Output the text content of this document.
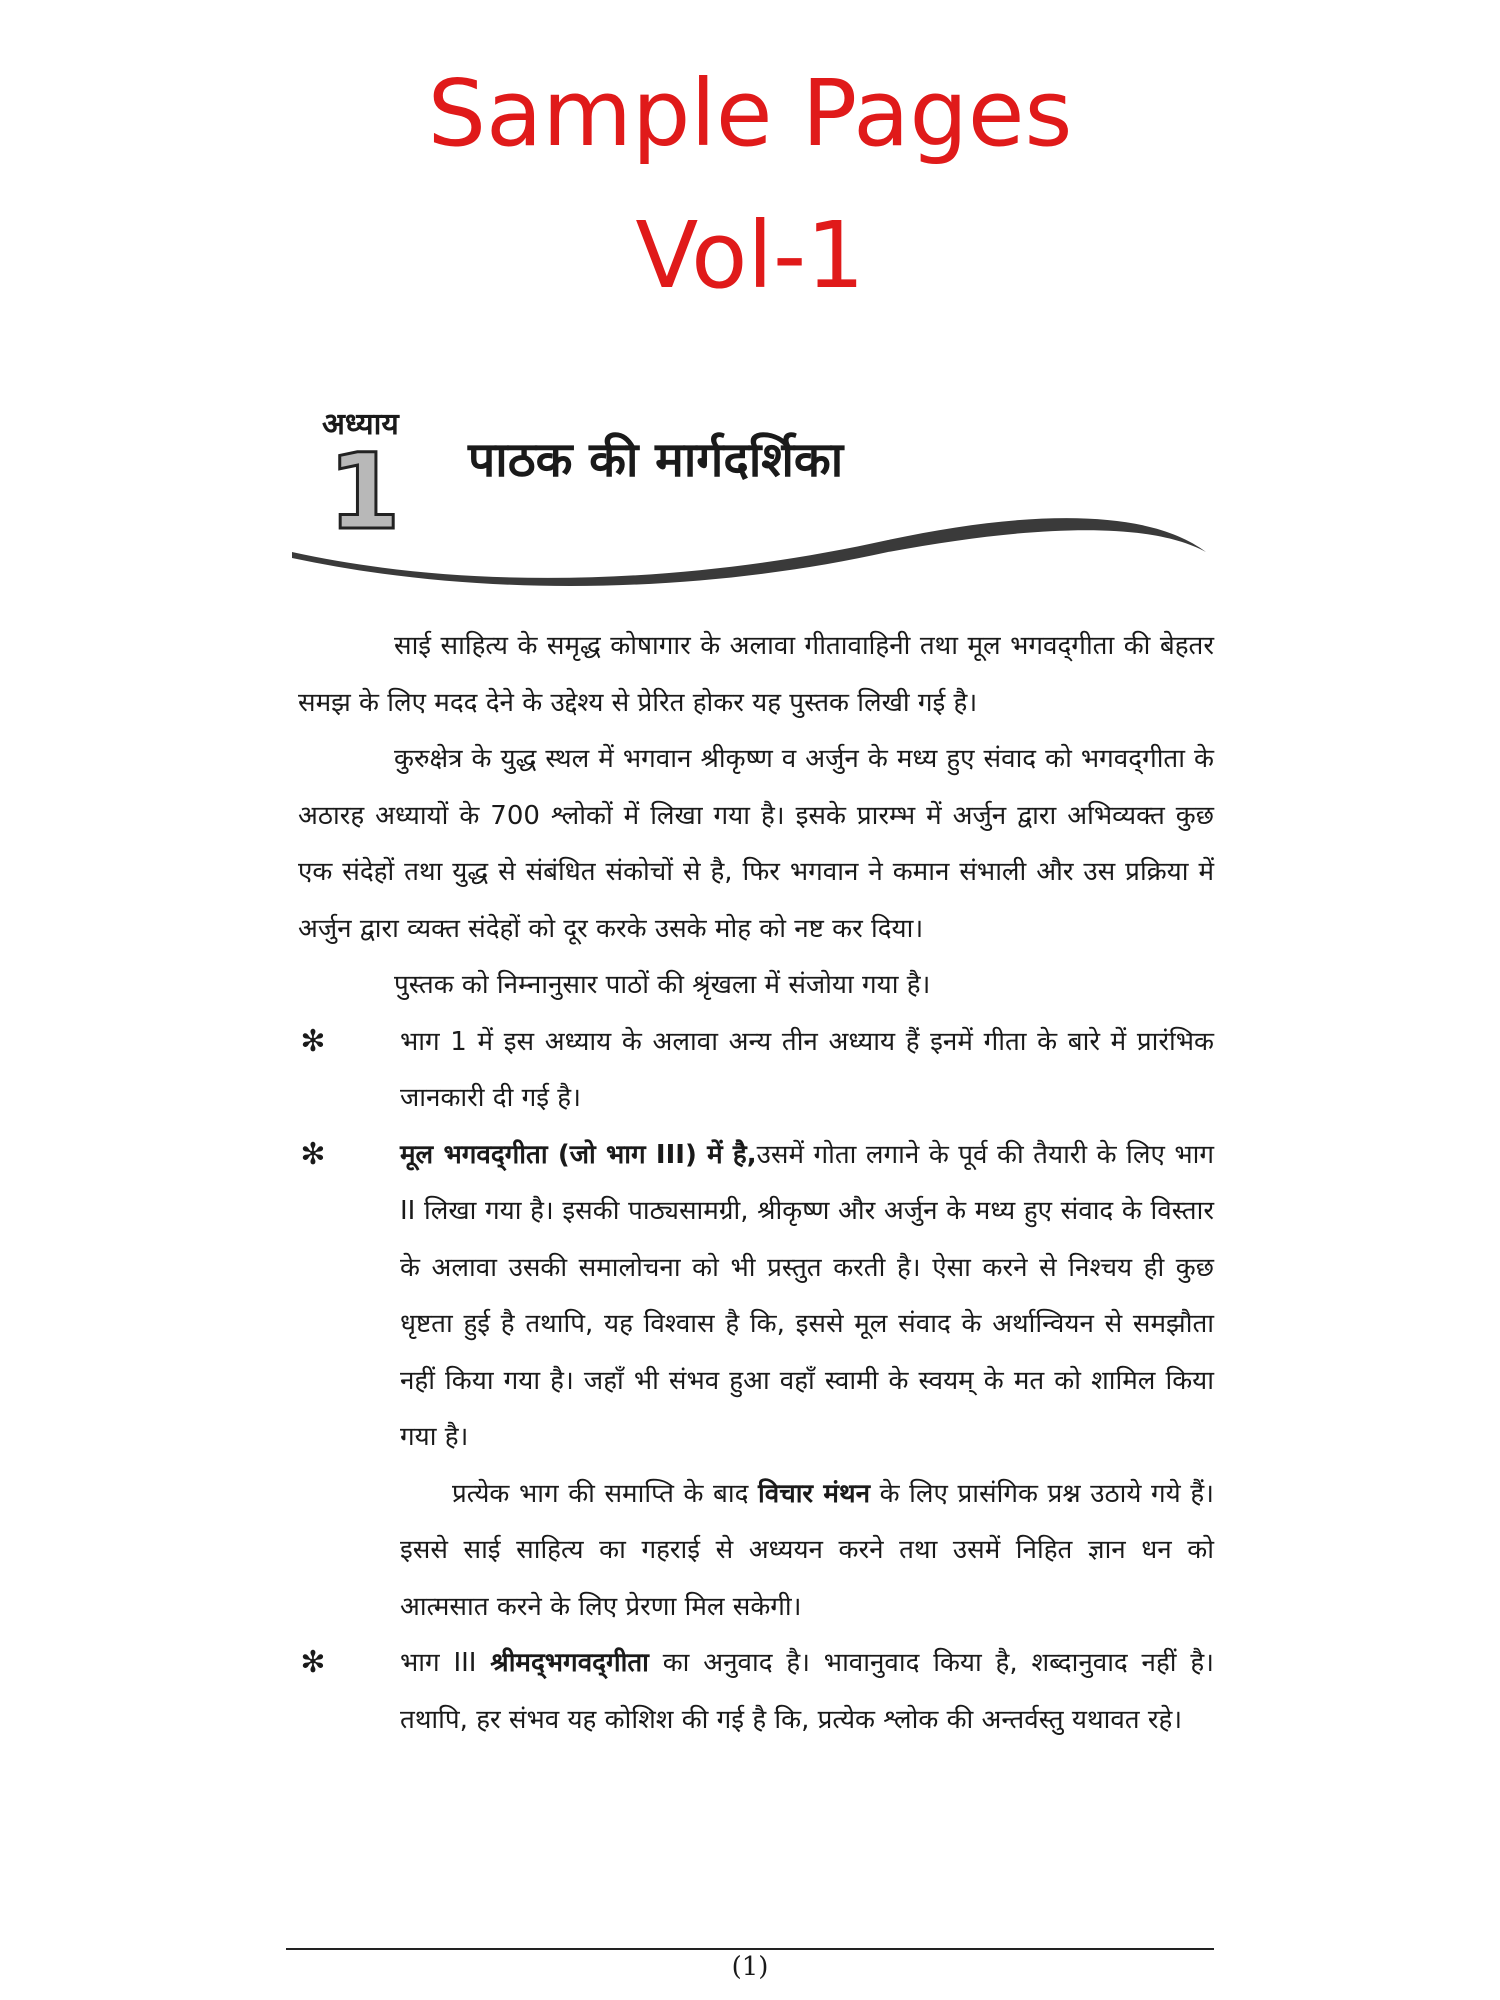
Sample Pages
Vol-1
अध्याय
1 पाठक की मार्गदर्शिका

साई साहित्य के समृद्ध कोषागार के अलावा गीतावाहिनी तथा मूल भगवद्‌गीता की बेहतर समझ के लिए मदद देने के उद्देश्य से प्रेरित होकर यह पुस्तक लिखी गई है।

कुरुक्षेत्र के युद्ध स्थल में भगवान श्रीकृष्ण व अर्जुन के मध्य हुए संवाद को भगवद्‌गीता के अठारह अध्यायों के 700 श्लोकों में लिखा गया है। इसके प्रारम्भ में अर्जुन द्वारा अभिव्यक्त कुछ एक संदेहों तथा युद्ध से संबंधित संकोचों से है, फिर भगवान ने कमान संभाली और उस प्रक्रिया में अर्जुन द्वारा व्यक्त संदेहों को दूर करके उसके मोह को नष्ट कर दिया।

पुस्तक को निम्नानुसार पाठों की श्रृंखला में संजोया गया है।

✻	भाग 1 में इस अध्याय के अलावा अन्य तीन अध्याय हैं इनमें गीता के बारे में प्रारंभिक जानकारी दी गई है।

✻	मूल भगवद्‌गीता (जो भाग III) में है,उसमें गोता लगाने के पूर्व की तैयारी के लिए भाग II लिखा गया है। इसकी पाठ्यसामग्री, श्रीकृष्ण और अर्जुन के मध्य हुए संवाद के विस्तार के अलावा उसकी समालोचना को भी प्रस्तुत करती है। ऐसा करने से निश्चय ही कुछ धृष्टता हुई है तथापि, यह विश्वास है कि, इससे मूल संवाद के अर्थान्वियन से समझौता नहीं किया गया है। जहाँ भी संभव हुआ वहाँ स्वामी के स्वयम् के मत को शामिल किया गया है।

प्रत्येक भाग की समाप्ति के बाद विचार मंथन के लिए प्रासंगिक प्रश्न उठाये गये हैं। इससे साई साहित्य का गहराई से अध्ययन करने तथा उसमें निहित ज्ञान धन को आत्मसात करने के लिए प्रेरणा मिल सकेगी।

✻	भाग III श्रीमद्‌भगवद्‌गीता का अनुवाद है। भावानुवाद किया है, शब्दानुवाद नहीं है। तथापि, हर संभव यह कोशिश की गई है कि, प्रत्येक श्लोक की अन्तर्वस्तु यथावत रहे।

(1)
